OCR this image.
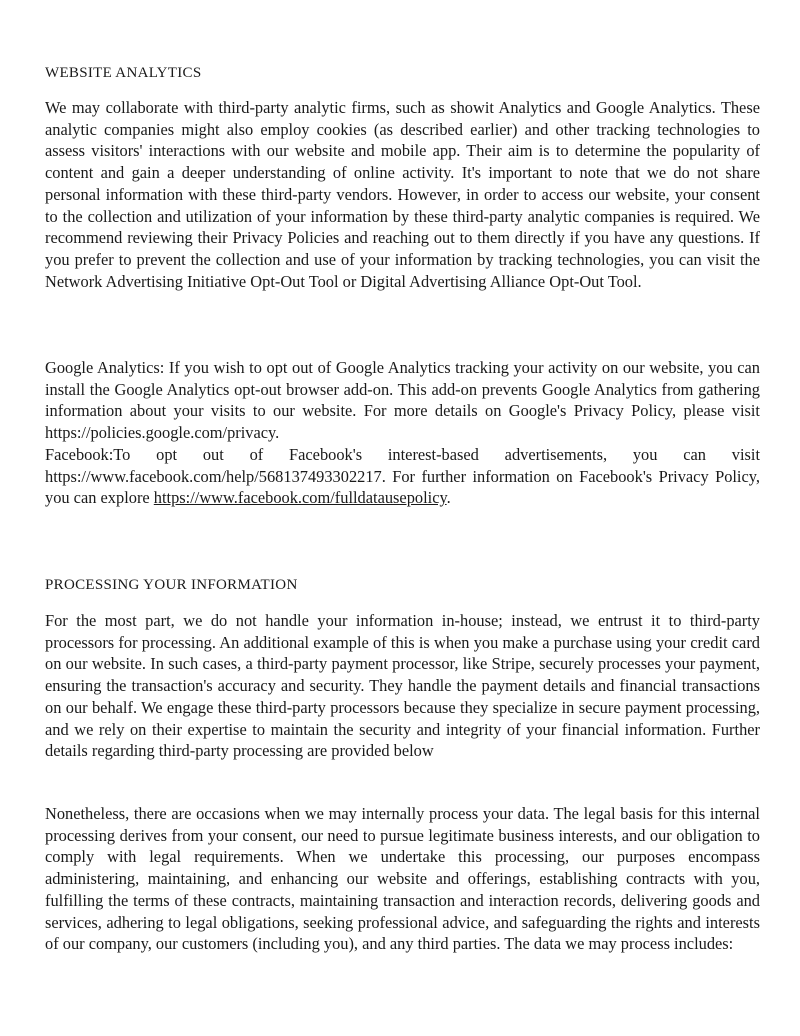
WEBSITE ANALYTICS

We may collaborate with third-party analytic firms, such as showit Analytics and Google Analytics. These analytic companies might also employ cookies (as described earlier) and other tracking technologies to assess visitors' interactions with our website and mobile app. Their aim is to determine the popularity of content and gain a deeper understanding of online activity. It's important to note that we do not share personal information with these third-party vendors. However, in order to access our website, your consent to the collection and utilization of your information by these third-party analytic companies is required. We recommend reviewing their Privacy Policies and reaching out to them directly if you have any questions. If you prefer to prevent the collection and use of your information by tracking technologies, you can visit the Network Advertising Initiative Opt-Out Tool or Digital Advertising Alliance Opt-Out Tool.

Google Analytics: If you wish to opt out of Google Analytics tracking your activity on our website, you can install the Google Analytics opt-out browser add-on. This add-on prevents Google Analytics from gathering information about your visits to our website. For more details on Google's Privacy Policy, please visit https://policies.google.com/privacy.

Facebook:To opt out of Facebook's interest-based advertisements, you can visit https://www.facebook.com/help/568137493302217. For further information on Facebook's Privacy Policy, you can explore https://www.facebook.com/fulldatausepolicy.

PROCESSING YOUR INFORMATION

For the most part, we do not handle your information in-house; instead, we entrust it to third-party processors for processing. An additional example of this is when you make a purchase using your credit card on our website. In such cases, a third-party payment processor, like Stripe, securely processes your payment, ensuring the transaction's accuracy and security. They handle the payment details and financial transactions on our behalf. We engage these third-party processors because they specialize in secure payment processing, and we rely on their expertise to maintain the security and integrity of your financial information. Further details regarding third-party processing are provided below

Nonetheless, there are occasions when we may internally process your data. The legal basis for this internal processing derives from your consent, our need to pursue legitimate business interests, and our obligation to comply with legal requirements. When we undertake this processing, our purposes encompass administering, maintaining, and enhancing our website and offerings, establishing contracts with you, fulfilling the terms of these contracts, maintaining transaction and interaction records, delivering goods and services, adhering to legal obligations, seeking professional advice, and safeguarding the rights and interests of our company, our customers (including you), and any third parties. The data we may process includes:
